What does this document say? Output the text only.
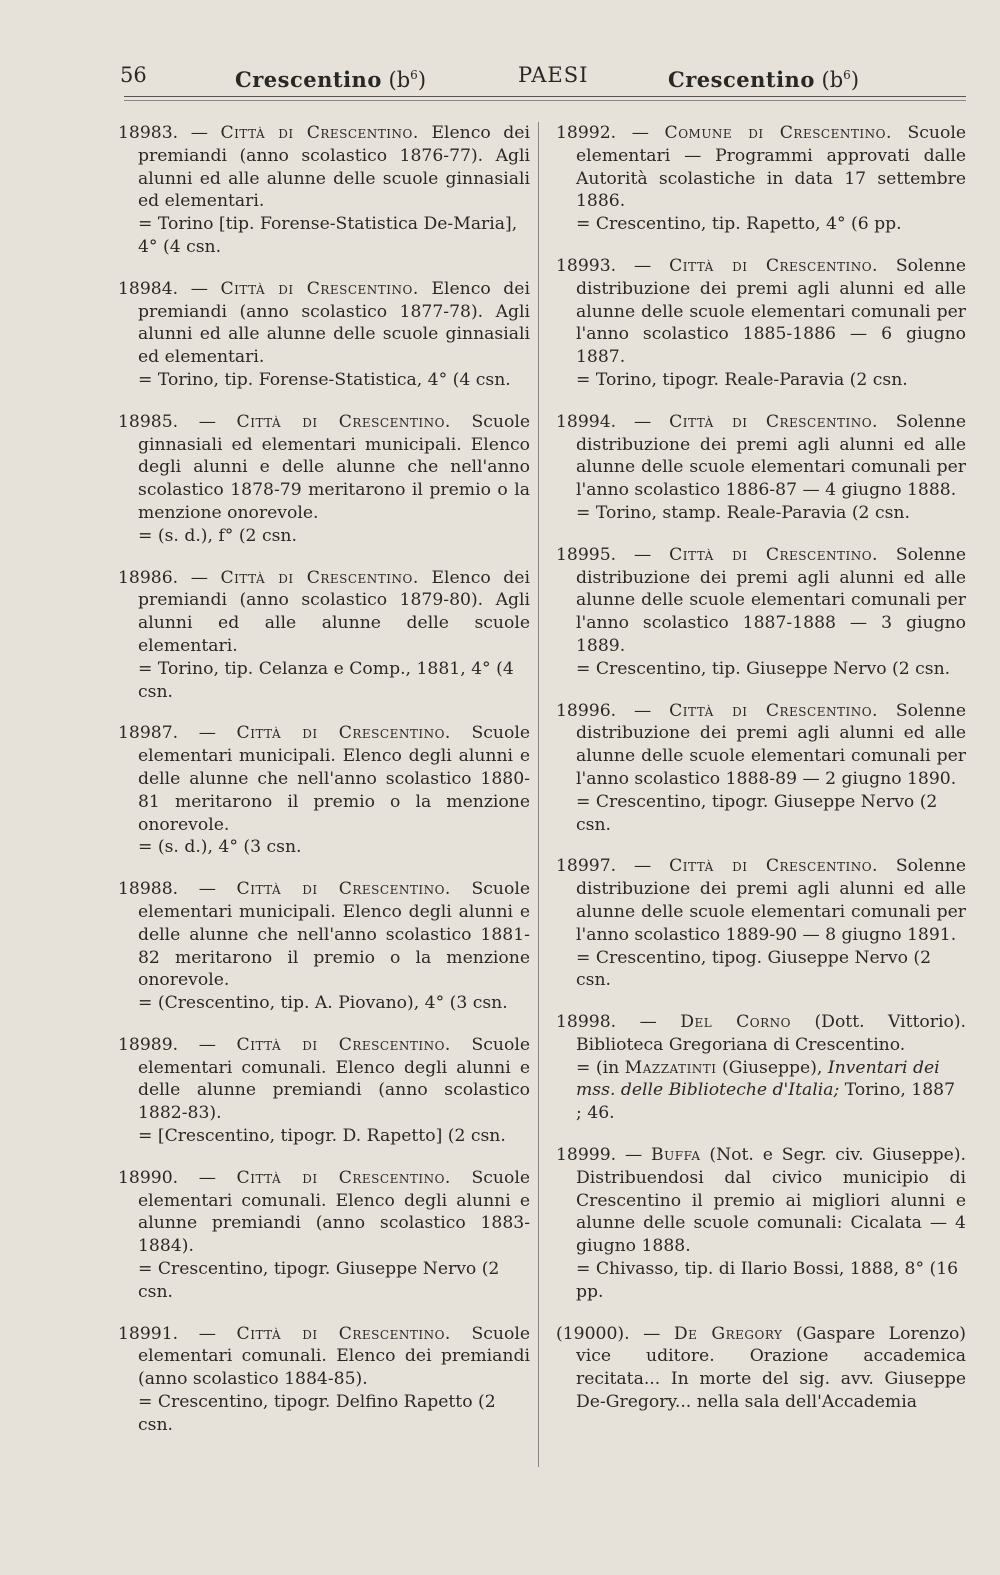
56	Crescentino $(b^6)$	PAESI	Crescentino $(b^6)$
18983. — Città di Crescentino. Elenco dei premiandi (anno scolastico 1876-77). Agli alunni ed alle alunne delle scuole ginnasiali ed elementari.
= Torino [tip. Forense-Statistica De-Maria], 4° (4 csn.
18984. — Città di Crescentino. Elenco dei premiandi (anno scolastico 1877-78). Agli alunni ed alle alunne delle scuole ginnasiali ed elementari.
= Torino, tip. Forense-Statistica, 4° (4 csn.
18985. — Città di Crescentino. Scuole ginnasiali ed elementari municipali. Elenco degli alunni e delle alunne che nell'anno scolastico 1878-79 meritarono il premio o la menzione onorevole.
= (s. d.), f° (2 csn.
18986. — Città di Crescentino. Elenco dei premiandi (anno scolastico 1879-80). Agli alunni ed alle alunne delle scuole elementari.
= Torino, tip. Celanza e Comp., 1881, 4° (4 csn.
18987. — Città di Crescentino. Scuole elementari municipali. Elenco degli alunni e delle alunne che nell'anno scolastico 1880-81 meritarono il premio o la menzione onorevole.
= (s. d.), 4° (3 csn.
18988. — Città di Crescentino. Scuole elementari municipali. Elenco degli alunni e delle alunne che nell'anno scolastico 1881-82 meritarono il premio o la menzione onorevole.
= (Crescentino, tip. A. Piovano), 4° (3 csn.
18989. — Città di Crescentino. Scuole elementari comunali. Elenco degli alunni e delle alunne premiandi (anno scolastico 1882-83).
= [Crescentino, tipogr. D. Rapetto] (2 csn.
18990. — Città di Crescentino. Scuole elementari comunali. Elenco degli alunni e alunne premiandi (anno scolastico 1883-1884).
= Crescentino, tipogr. Giuseppe Nervo (2 csn.
18991. — Città di Crescentino. Scuole elementari comunali. Elenco dei premiandi (anno scolastico 1884-85).
= Crescentino, tipogr. Delfino Rapetto (2 csn.
18992. — Comune di Crescentino. Scuole elementari — Programmi approvati dalle Autorità scolastiche in data 17 settembre 1886.
= Crescentino, tip. Rapetto, 4° (6 pp.
18993. — Città di Crescentino. Solenne distribuzione dei premi agli alunni ed alle alunne delle scuole elementari comunali per l'anno scolastico 1885-1886 — 6 giugno 1887.
= Torino, tipogr. Reale-Paravia (2 csn.
18994. — Città di Crescentino. Solenne distribuzione dei premi agli alunni ed alle alunne delle scuole elementari comunali per l'anno scolastico 1886-87 — 4 giugno 1888.
= Torino, stamp. Reale-Paravia (2 csn.
18995. — Città di Crescentino. Solenne distribuzione dei premi agli alunni ed alle alunne delle scuole elementari comunali per l'anno scolastico 1887-1888 — 3 giugno 1889.
= Crescentino, tip. Giuseppe Nervo (2 csn.
18996. — Città di Crescentino. Solenne distribuzione dei premi agli alunni ed alle alunne delle scuole elementari comunali per l'anno scolastico 1888-89 — 2 giugno 1890.
= Crescentino, tipogr. Giuseppe Nervo (2 csn.
18997. — Città di Crescentino. Solenne distribuzione dei premi agli alunni ed alle alunne delle scuole elementari comunali per l'anno scolastico 1889-90 — 8 giugno 1891.
= Crescentino, tipog. Giuseppe Nervo (2 csn.
18998. — Del Corno (Dott. Vittorio). Biblioteca Gregoriana di Crescentino.
= (in Mazzatinti (Giuseppe), Inventari dei mss. delle Biblioteche d'Italia; Torino, 1887 ; 46.
18999. — Buffa (Not. e Segr. civ. Giuseppe). Distribuendosi dal civico municipio di Crescentino il premio ai migliori alunni e alunne delle scuole comunali: Cicalata — 4 giugno 1888.
= Chivasso, tip. di Ilario Bossi, 1888, 8° (16 pp.
(19000). — De Gregory (Gaspare Lorenzo) vice uditore. Orazione accademica recitata... In morte del sig. avv. Giuseppe De-Gregory... nella sala dell'Accademia
